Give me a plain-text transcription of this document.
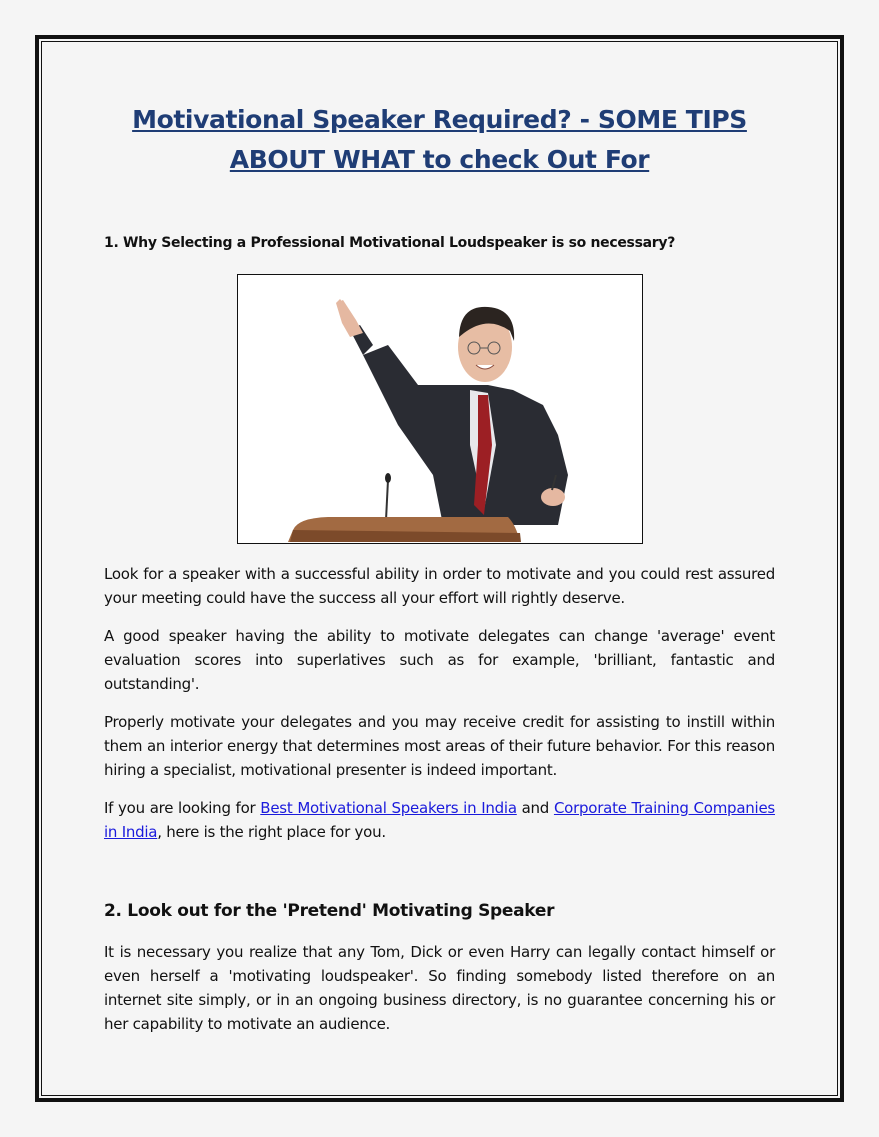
Motivational Speaker Required? - SOME TIPS ABOUT WHAT to check Out For
1. Why Selecting a Professional Motivational Loudspeaker is so necessary?

Look for a speaker with a successful ability in order to motivate and you could rest assured your meeting could have the success all your effort will rightly deserve.

A good speaker having the ability to motivate delegates can change 'average' event evaluation scores into superlatives such as for example, 'brilliant, fantastic and outstanding'.

Properly motivate your delegates and you may receive credit for assisting to instill within them an interior energy that determines most areas of their future behavior. For this reason hiring a specialist, motivational presenter is indeed important.

If you are looking for Best Motivational Speakers in India and Corporate Training Companies in India, here is the right place for you.

2. Look out for the 'Pretend' Motivating Speaker

It is necessary you realize that any Tom, Dick or even Harry can legally contact himself or even herself a 'motivating loudspeaker'. So finding somebody listed therefore on an internet site simply, or in an ongoing business directory, is no guarantee concerning his or her capability to motivate an audience.
